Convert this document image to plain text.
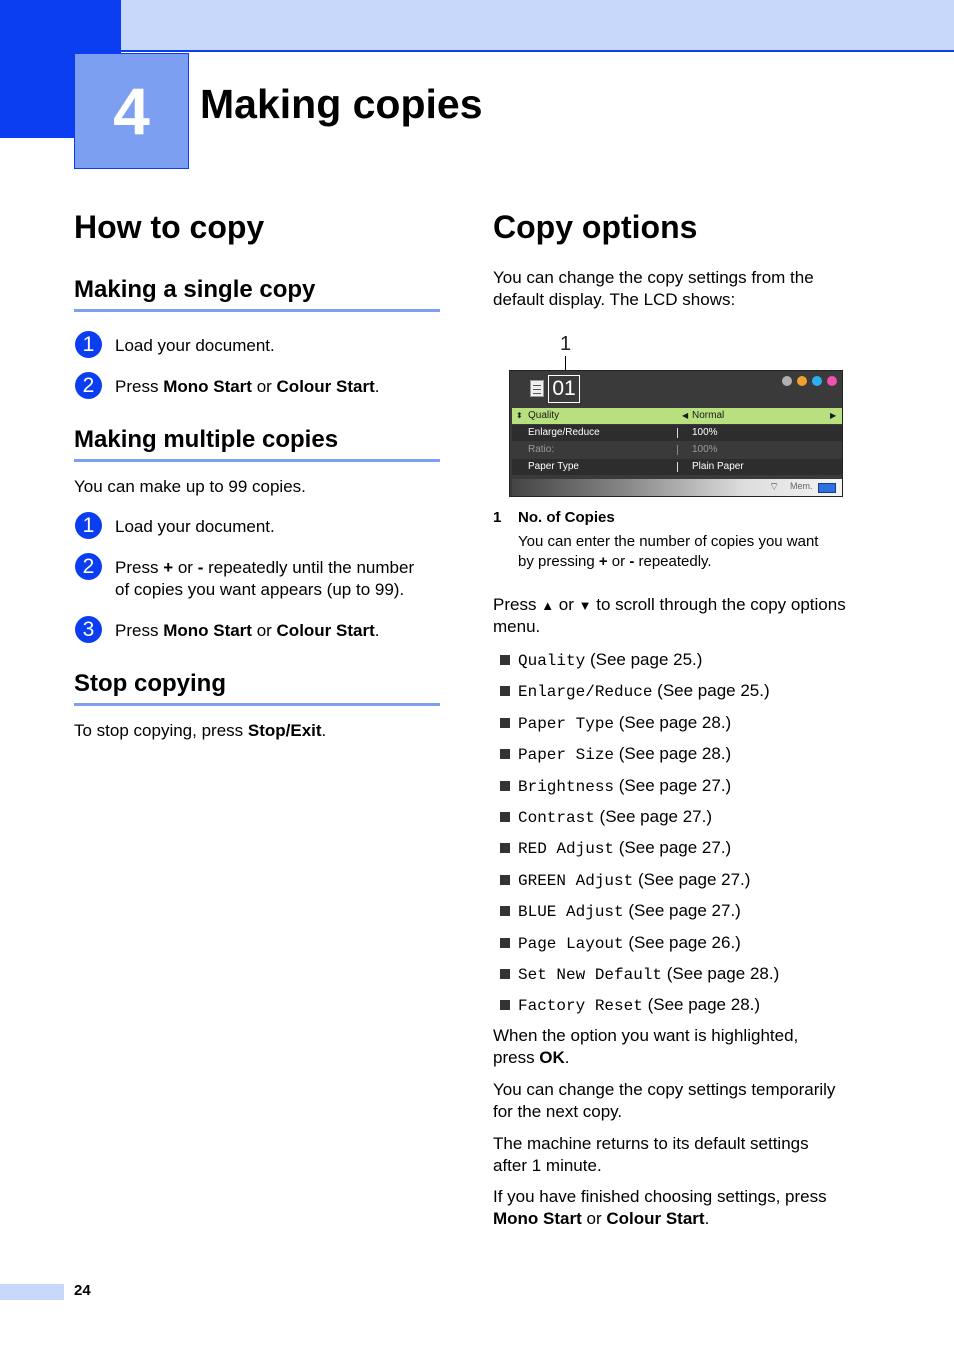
4	Making copies
How to copy
Making a single copy
1	Load your document.
2	Press Mono Start or Colour Start.
Making multiple copies
You can make up to 99 copies.
1	Load your document.
2	Press + or - repeatedly until the number
of copies you want appears (up to 99).
3	Press Mono Start or Colour Start.
Stop copying
To stop copying, press Stop/Exit.
Copy options
You can change the copy settings from the
default display. The LCD shows:
1
01
⬍ Quality	◀ Normal	▶
Enlarge/Reduce	100%
Ratio:	100%
Paper Type	Plain Paper
⌔ Mem.
1 No. of Copies
You can enter the number of copies you want
by pressing + or - repeatedly.
Press ▲ or ▼ to scroll through the copy options
menu.
Quality (See page 25.)
Enlarge/Reduce (See page 25.)
Paper Type (See page 28.)
Paper Size (See page 28.)
Brightness (See page 27.)
Contrast (See page 27.)
RED Adjust (See page 27.)
GREEN Adjust (See page 27.)
BLUE Adjust (See page 27.)
Page Layout (See page 26.)
Set New Default (See page 28.)
Factory Reset (See page 28.)
When the option you want is highlighted,
press OK.
You can change the copy settings temporarily
for the next copy.
The machine returns to its default settings
after 1 minute.
If you have finished choosing settings, press
Mono Start or Colour Start.
24
